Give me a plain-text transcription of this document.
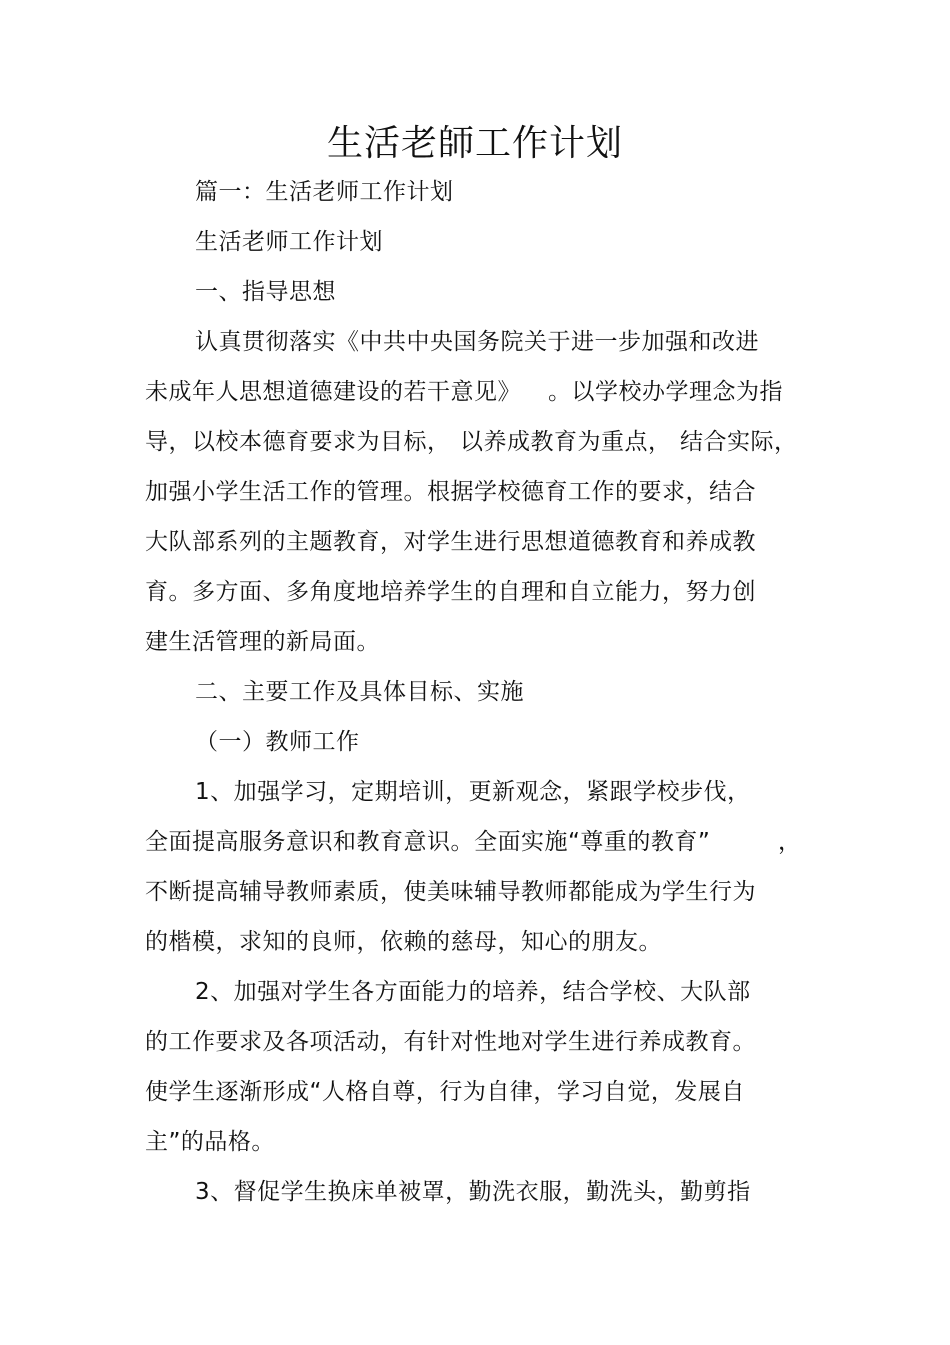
生活老師工作计划
篇一：生活老师工作计划
生活老师工作计划
一、指导思想
认真贯彻落实《中共中央国务院关于进一步加强和改进
未成年人思想道德建设的若干意见》 。以学校办学理念为指
导，以校本德育要求为目标， 以养成教育为重点， 结合实际，
加强小学生活工作的管理。根据学校德育工作的要求，结合
大队部系列的主题教育，对学生进行思想道德教育和养成教
育。多方面、多角度地培养学生的自理和自立能力，努力创
建生活管理的新局面。
二、主要工作及具体目标、实施
（一）教师工作
1、加强学习，定期培训，更新观念，紧跟学校步伐，
全面提高服务意识和教育意识。全面实施“尊重的教育”	，
不断提高辅导教师素质，使美味辅导教师都能成为学生行为
的楷模，求知的良师，依赖的慈母，知心的朋友。
2、加强对学生各方面能力的培养，结合学校、大队部
的工作要求及各项活动，有针对性地对学生进行养成教育。
使学生逐渐形成“人格自尊，行为自律，学习自觉，发展自
主”的品格。
3、督促学生换床单被罩，勤洗衣服，勤洗头，勤剪指
